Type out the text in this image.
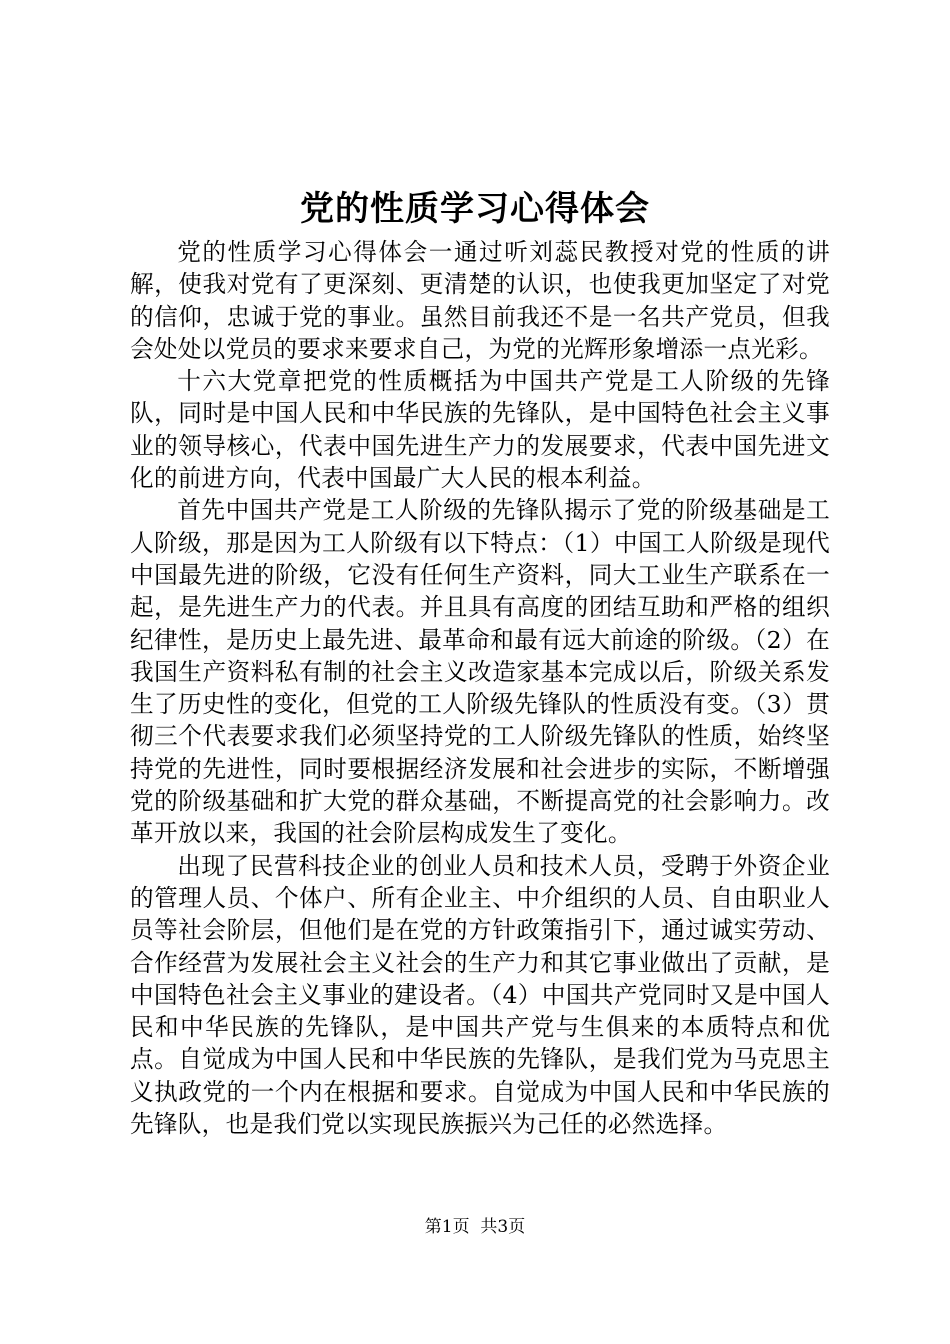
党的性质学习心得体会

党的性质学习心得体会一通过听刘蕊民教授对党的性质的讲解，使我对党有了更深刻、更清楚的认识，也使我更加坚定了对党的信仰，忠诚于党的事业。虽然目前我还不是一名共产党员，但我会处处以党员的要求来要求自己，为党的光辉形象增添一点光彩。

十六大党章把党的性质概括为中国共产党是工人阶级的先锋队，同时是中国人民和中华民族的先锋队，是中国特色社会主义事业的领导核心，代表中国先进生产力的发展要求，代表中国先进文化的前进方向，代表中国最广大人民的根本利益。

首先中国共产党是工人阶级的先锋队揭示了党的阶级基础是工人阶级，那是因为工人阶级有以下特点：（1）中国工人阶级是现代中国最先进的阶级，它没有任何生产资料，同大工业生产联系在一起，是先进生产力的代表。并且具有高度的团结互助和严格的组织纪律性，是历史上最先进、最革命和最有远大前途的阶级。（2）在我国生产资料私有制的社会主义改造家基本完成以后，阶级关系发生了历史性的变化，但党的工人阶级先锋队的性质没有变。（3）贯彻三个代表要求我们必须坚持党的工人阶级先锋队的性质，始终坚持党的先进性，同时要根据经济发展和社会进步的实际，不断增强党的阶级基础和扩大党的群众基础，不断提高党的社会影响力。改革开放以来，我国的社会阶层构成发生了变化。

出现了民营科技企业的创业人员和技术人员，受聘于外资企业的管理人员、个体户、所有企业主、中介组织的人员、自由职业人员等社会阶层，但他们是在党的方针政策指引下，通过诚实劳动、合作经营为发展社会主义社会的生产力和其它事业做出了贡献，是中国特色社会主义事业的建设者。（4）中国共产党同时又是中国人民和中华民族的先锋队，是中国共产党与生俱来的本质特点和优点。自觉成为中国人民和中华民族的先锋队，是我们党为马克思主义执政党的一个内在根据和要求。自觉成为中国人民和中华民族的先锋队，也是我们党以实现民族振兴为己任的必然选择。

第1页 共3页
